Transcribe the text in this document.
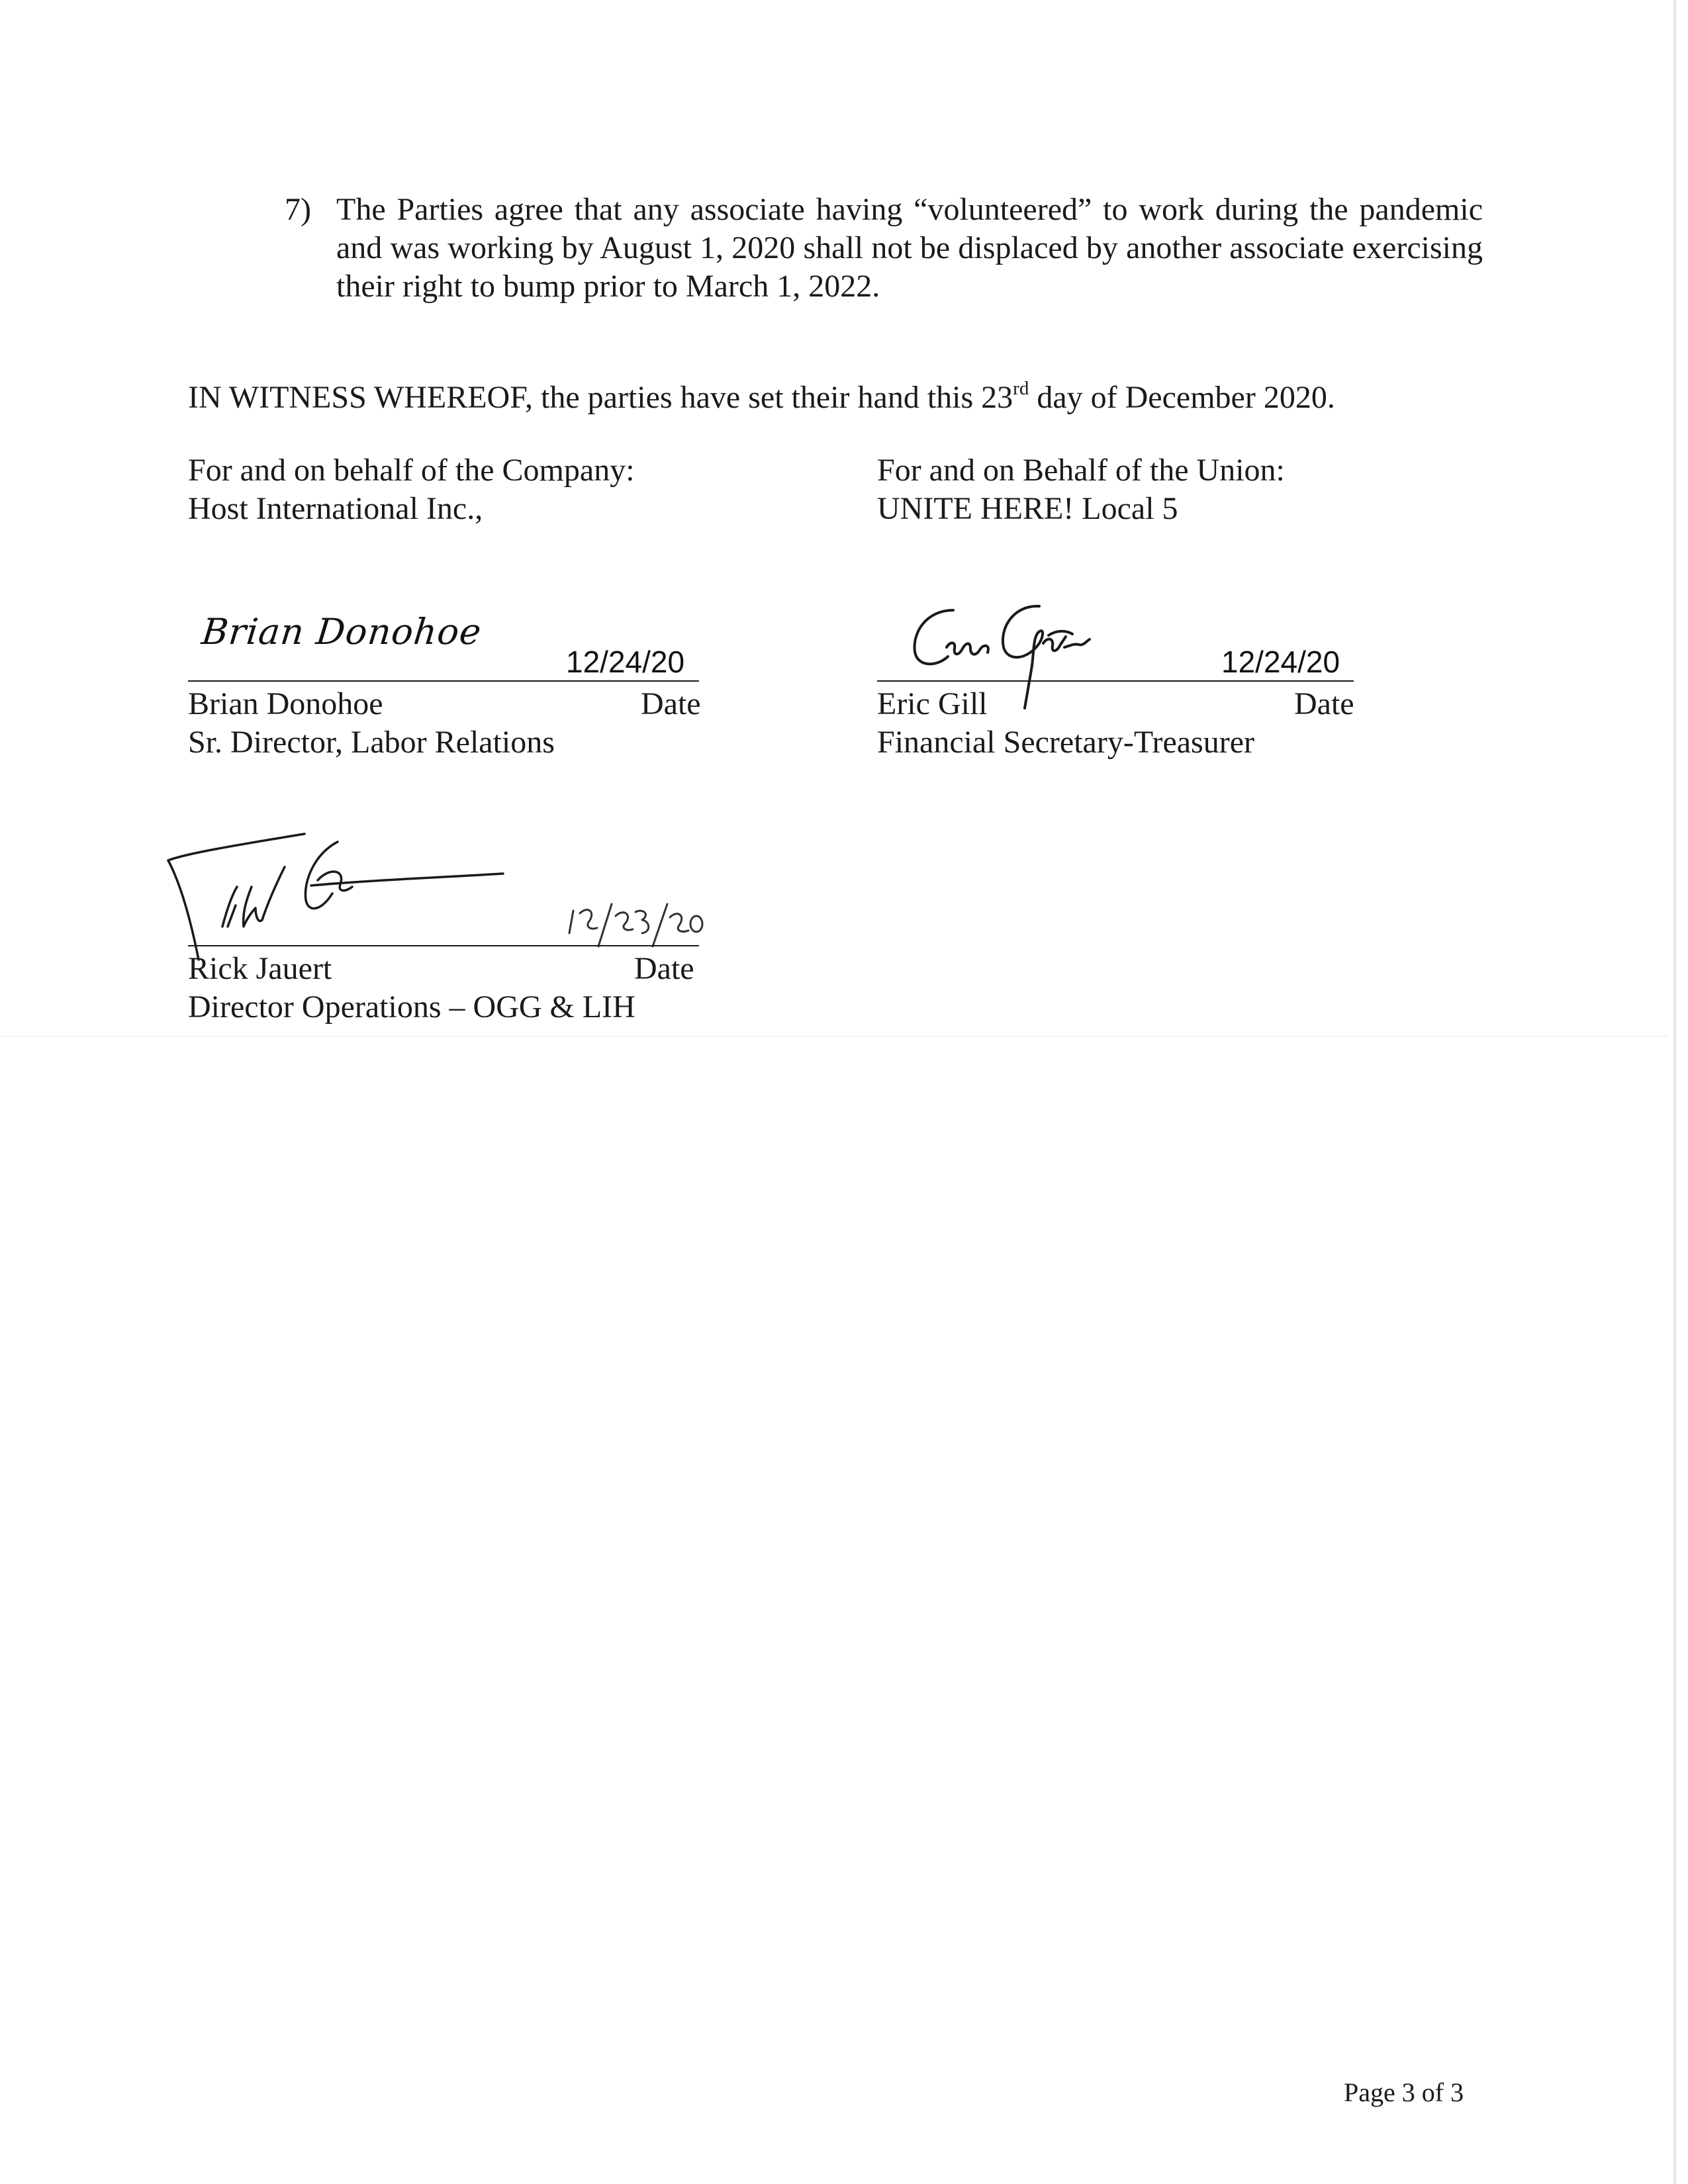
7) The Parties agree that any associate having “volunteered” to work during the pandemic and was working by August 1, 2020 shall not be displaced by another associate exercising their right to bump prior to March 1, 2022.
IN WITNESS WHEREOF, the parties have set their hand this 23rd day of December 2020.
For and on behalf of the Company:
Host International Inc.,
For and on Behalf of the Union:
UNITE HERE! Local 5
Brian Donohoe
12/24/20
Brian Donohoe	Date
Sr. Director, Labor Relations
12/24/20
Eric Gill	Date
Financial Secretary-Treasurer
Rick Jauert	Date
Director Operations – OGG & LIH
Page 3 of 3
